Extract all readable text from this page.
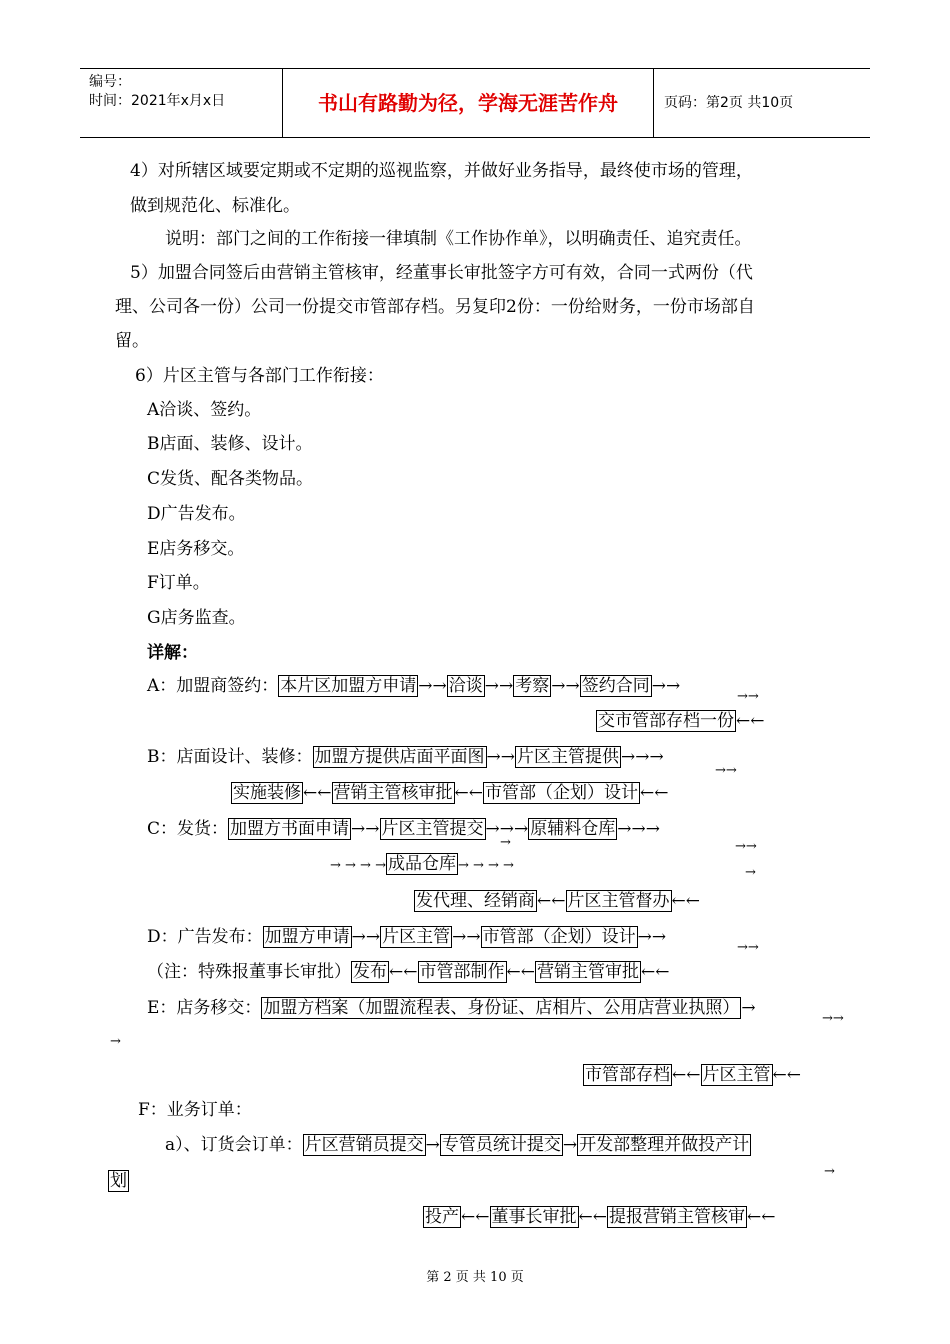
编号：
时间：2021年x月x日	书山有路勤为径，学海无涯苦作舟	页码：第2页 共10页
4）对所辖区域要定期或不定期的巡视监察，并做好业务指导，最终使市场的管理，
做到规范化、标准化。
说明：部门之间的工作衔接一律填制《工作协作单》，以明确责任、追究责任。
5）加盟合同签后由营销主管核审，经董事长审批签字方可有效，合同一式两份（代
理、公司各一份）公司一份提交市管部存档。另复印2份：一份给财务，一份市场部自
留。
6）片区主管与各部门工作衔接：
A洽谈、签约。
B店面、装修、设计。
C发货、配各类物品。
D广告发布。
E店务移交。
F订单。
G店务监查。
详解：
A：加盟商签约： 本片区加盟方申请 →→ 洽谈 →→ 考察 →→ 签约合同 →→
→→
交市管部存档一份 ←←
B：店面设计、装修： 加盟方提供店面平面图 →→ 片区主管提供 →→→
→→
实施装修 ←← 营销主管核审批 ←← 市管部（企划）设计 ←←
C：发货： 加盟方书面申请 →→ 片区主管提交 →→→ 原辅料仓库 →→→
→	→→
→ → → → 成品仓库 → → → →	→
发代理、经销商 ←← 片区主管督办 ←←
D：广告发布： 加盟方申请 →→ 片区主管 →→ 市管部（企划）设计 →→
→→
（注：特殊报董事长审批） 发布 ←← 市管部制作 ←← 营销主管审批 ←←
E：店务移交： 加盟方档案（加盟流程表、身份证、店相片、公用店营业执照） →
→→
→
市管部存档 ←← 片区主管 ←←
F：业务订单：
a）、订货会订单： 片区营销员提交 → 专管员统计提交 → 开发部整理并做投产计
→
划
投产 ←← 董事长审批 ←← 提报营销主管核审 ←←
第 2 页 共 10 页
